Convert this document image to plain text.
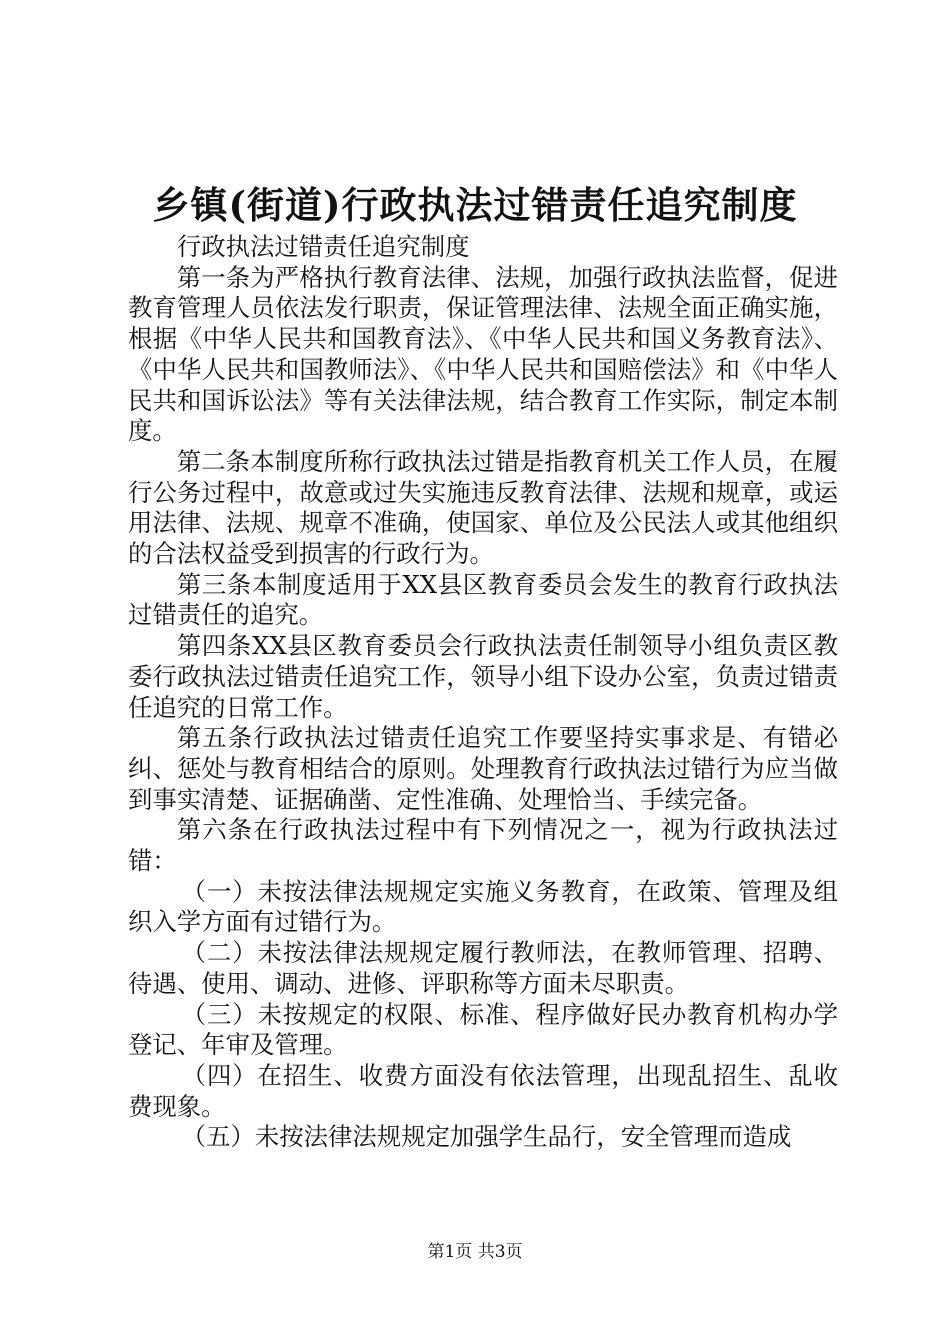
乡镇(街道)行政执法过错责任追究制度

行政执法过错责任追究制度

第一条为严格执行教育法律、法规，加强行政执法监督，促进教育管理人员依法发行职责，保证管理法律、法规全面正确实施，根据《中华人民共和国教育法》、《中华人民共和国义务教育法》、《中华人民共和国教师法》、《中华人民共和国赔偿法》和《中华人民共和国诉讼法》等有关法律法规，结合教育工作实际，制定本制度。

第二条本制度所称行政执法过错是指教育机关工作人员，在履行公务过程中，故意或过失实施违反教育法律、法规和规章，或运用法律、法规、规章不准确，使国家、单位及公民法人或其他组织的合法权益受到损害的行政行为。

第三条本制度适用于XX县区教育委员会发生的教育行政执法过错责任的追究。

第四条XX县区教育委员会行政执法责任制领导小组负责区教委行政执法过错责任追究工作，领导小组下设办公室，负责过错责任追究的日常工作。

第五条行政执法过错责任追究工作要坚持实事求是、有错必纠、惩处与教育相结合的原则。处理教育行政执法过错行为应当做到事实清楚、证据确凿、定性准确、处理恰当、手续完备。

第六条在行政执法过程中有下列情况之一，视为行政执法过错：

（一）未按法律法规规定实施义务教育，在政策、管理及组织入学方面有过错行为。

（二）未按法律法规规定履行教师法，在教师管理、招聘、待遇、使用、调动、进修、评职称等方面未尽职责。

（三）未按规定的权限、标准、程序做好民办教育机构办学登记、年审及管理。

（四）在招生、收费方面没有依法管理，出现乱招生、乱收费现象。

（五）未按法律法规规定加强学生品行，安全管理而造成

第1页 共3页
